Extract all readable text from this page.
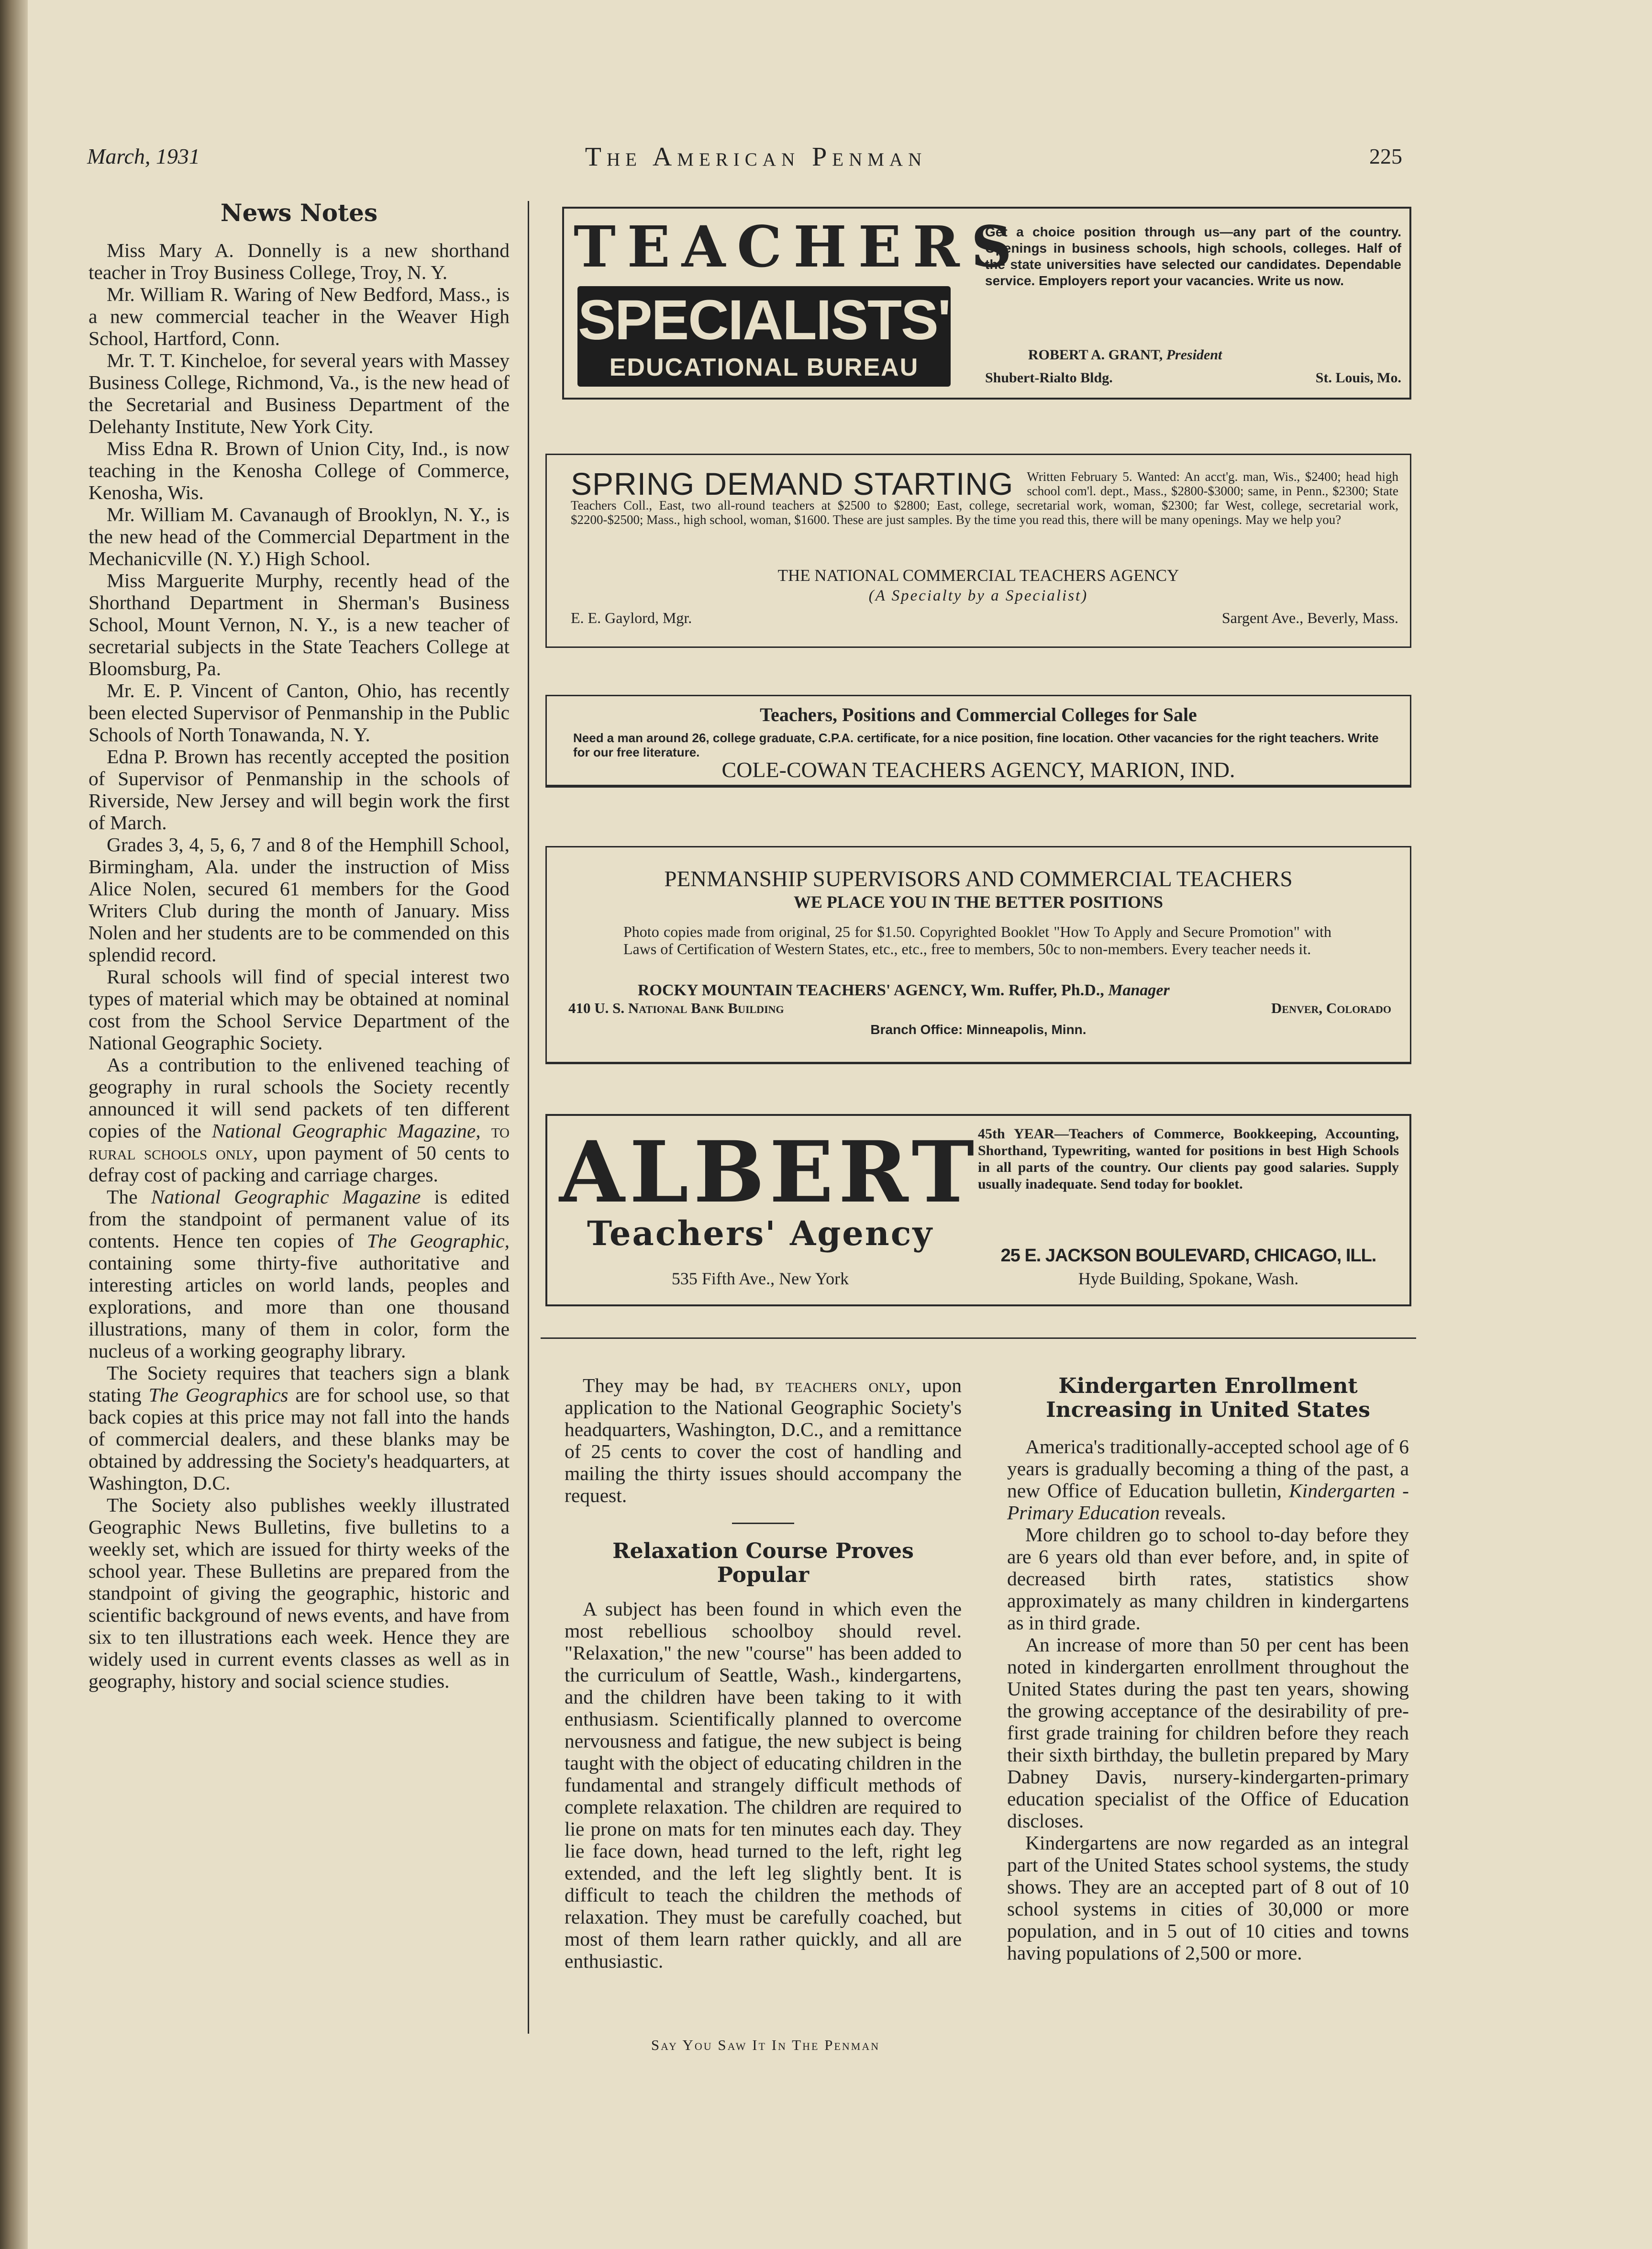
March, 1931	The American Penman	225
News Notes

Miss Mary A. Donnelly is a new shorthand teacher in Troy Business College, Troy, N. Y.

Mr. William R. Waring of New Bedford, Mass., is a new commercial teacher in the Weaver High School, Hartford, Conn.

Mr. T. T. Kincheloe, for several years with Massey Business College, Richmond, Va., is the new head of the Secretarial and Business Department of the Delehanty Institute, New York City.

Miss Edna R. Brown of Union City, Ind., is now teaching in the Kenosha College of Commerce, Kenosha, Wis.

Mr. William M. Cavanaugh of Brooklyn, N. Y., is the new head of the Commercial Department in the Mechanicville (N. Y.) High School.

Miss Marguerite Murphy, recently head of the Shorthand Department in Sherman's Business School, Mount Vernon, N. Y., is a new teacher of secretarial subjects in the State Teachers College at Bloomsburg, Pa.

Mr. E. P. Vincent of Canton, Ohio, has recently been elected Supervisor of Penmanship in the Public Schools of North Tonawanda, N. Y.

Edna P. Brown has recently accepted the position of Supervisor of Penmanship in the schools of Riverside, New Jersey and will begin work the first of March.

Grades 3, 4, 5, 6, 7 and 8 of the Hemphill School, Birmingham, Ala. under the instruction of Miss Alice Nolen, secured 61 members for the Good Writers Club during the month of January. Miss Nolen and her students are to be commended on this splendid record.

Rural schools will find of special interest two types of material which may be obtained at nominal cost from the School Service Department of the National Geographic Society.

As a contribution to the enlivened teaching of geography in rural schools the Society recently announced it will send packets of ten different copies of the National Geographic Magazine, to rural schools only, upon payment of 50 cents to defray cost of packing and carriage charges.

The National Geographic Magazine is edited from the standpoint of permanent value of its contents. Hence ten copies of The Geographic, containing some thirty-five authoritative and interesting articles on world lands, peoples and explorations, and more than one thousand illustrations, many of them in color, form the nucleus of a working geography library.

The Society requires that teachers sign a blank stating The Geographics are for school use, so that back copies at this price may not fall into the hands of commercial dealers, and these blanks may be obtained by addressing the Society's headquarters, at Washington, D.C.

The Society also publishes weekly illustrated Geographic News Bulletins, five bulletins to a weekly set, which are issued for thirty weeks of the school year. These Bulletins are prepared from the standpoint of giving the geographic, historic and scientific background of news events, and have from six to ten illustrations each week. Hence they are widely used in current events classes as well as in geography, history and social science studies.

TEACHERS
SPECIALISTS'
EDUCATIONAL BUREAU
Get a choice position through us—any part of the country. Openings in business schools, high schools, colleges. Half of the state universities have selected our candidates. Dependable service. Employers report your vacancies. Write us now.
ROBERT A. GRANT, President
Shubert-Rialto Bldg.	St. Louis, Mo.
SPRING DEMAND STARTING Written February 5. Wanted: An acct'g. man, Wis., $2400; head high school com'l. dept., Mass., $2800-$3000; same, in Penn., $2300; State Teachers Coll., East, two all-round teachers at $2500 to $2800; East, college, secretarial work, woman, $2300; far West, college, secretarial work, $2200-$2500; Mass., high school, woman, $1600. These are just samples. By the time you read this, there will be many openings. May we help you?
THE NATIONAL COMMERCIAL TEACHERS AGENCY
(A Specialty by a Specialist)
E. E. Gaylord, Mgr.	Sargent Ave., Beverly, Mass.
Teachers, Positions and Commercial Colleges for Sale
Need a man around 26, college graduate, C.P.A. certificate, for a nice position, fine location. Other vacancies for the right teachers. Write for our free literature.
COLE-COWAN TEACHERS AGENCY, MARION, IND.
PENMANSHIP SUPERVISORS AND COMMERCIAL TEACHERS
WE PLACE YOU IN THE BETTER POSITIONS
Photo copies made from original, 25 for $1.50. Copyrighted Booklet "How To Apply and Secure Promotion" with Laws of Certification of Western States, etc., etc., free to members, 50c to non-members. Every teacher needs it.
ROCKY MOUNTAIN TEACHERS' AGENCY, Wm. Ruffer, Ph.D., Manager
410 U. S. National Bank Building	Denver, Colorado
Branch Office: Minneapolis, Minn.
ALBERT
Teachers' Agency
535 Fifth Ave., New York
45th YEAR—Teachers of Commerce, Bookkeeping, Accounting, Shorthand, Typewriting, wanted for positions in best High Schools in all parts of the country. Our clients pay good salaries. Supply usually inadequate. Send today for booklet.
25 E. JACKSON BOULEVARD, CHICAGO, ILL.
Hyde Building, Spokane, Wash.

They may be had, by teachers only, upon application to the National Geographic Society's headquarters, Washington, D.C., and a remittance of 25 cents to cover the cost of handling and mailing the thirty issues should accompany the request.

Relaxation Course Proves Popular

A subject has been found in which even the most rebellious schoolboy should revel. "Relaxation," the new "course" has been added to the curriculum of Seattle, Wash., kindergartens, and the children have been taking to it with enthusiasm. Scientifically planned to overcome nervousness and fatigue, the new subject is being taught with the object of educating children in the fundamental and strangely difficult methods of complete relaxation. The children are required to lie prone on mats for ten minutes each day. They lie face down, head turned to the left, right leg extended, and the left leg slightly bent. It is difficult to teach the children the methods of relaxation. They must be carefully coached, but most of them learn rather quickly, and all are enthusiastic.

Kindergarten Enrollment Increasing in United States

America's traditionally-accepted school age of 6 years is gradually becoming a thing of the past, a new Office of Education bulletin, Kindergarten - Primary Education reveals.

More children go to school to-day before they are 6 years old than ever before, and, in spite of decreased birth rates, statistics show approximately as many children in kindergartens as in third grade.

An increase of more than 50 per cent has been noted in kindergarten enrollment throughout the United States during the past ten years, showing the growing acceptance of the desirability of pre-first grade training for children before they reach their sixth birthday, the bulletin prepared by Mary Dabney Davis, nursery-kindergarten-primary education specialist of the Office of Education discloses.

Kindergartens are now regarded as an integral part of the United States school systems, the study shows. They are an accepted part of 8 out of 10 school systems in cities of 30,000 or more population, and in 5 out of 10 cities and towns having populations of 2,500 or more.

Say You Saw It In The Penman
